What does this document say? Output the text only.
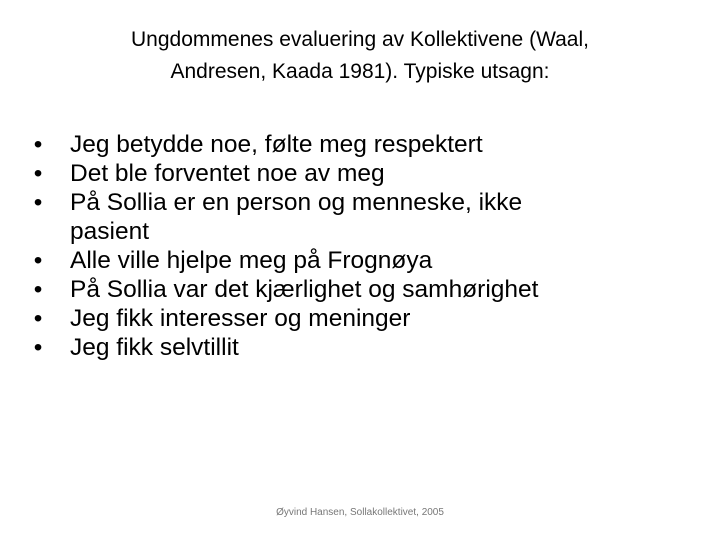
Ungdommenes evaluering av Kollektivene (Waal,
Andresen, Kaada 1981). Typiske utsagn:
• Jeg betydde noe, følte meg respektert
• Det ble forventet noe av meg
• På Sollia er en person og menneske, ikke
pasient
• Alle ville hjelpe meg på Frognøya
• På Sollia var det kjærlighet og samhørighet
• Jeg fikk interesser og meninger
• Jeg fikk selvtillit
Øyvind Hansen, Sollakollektivet, 2005
